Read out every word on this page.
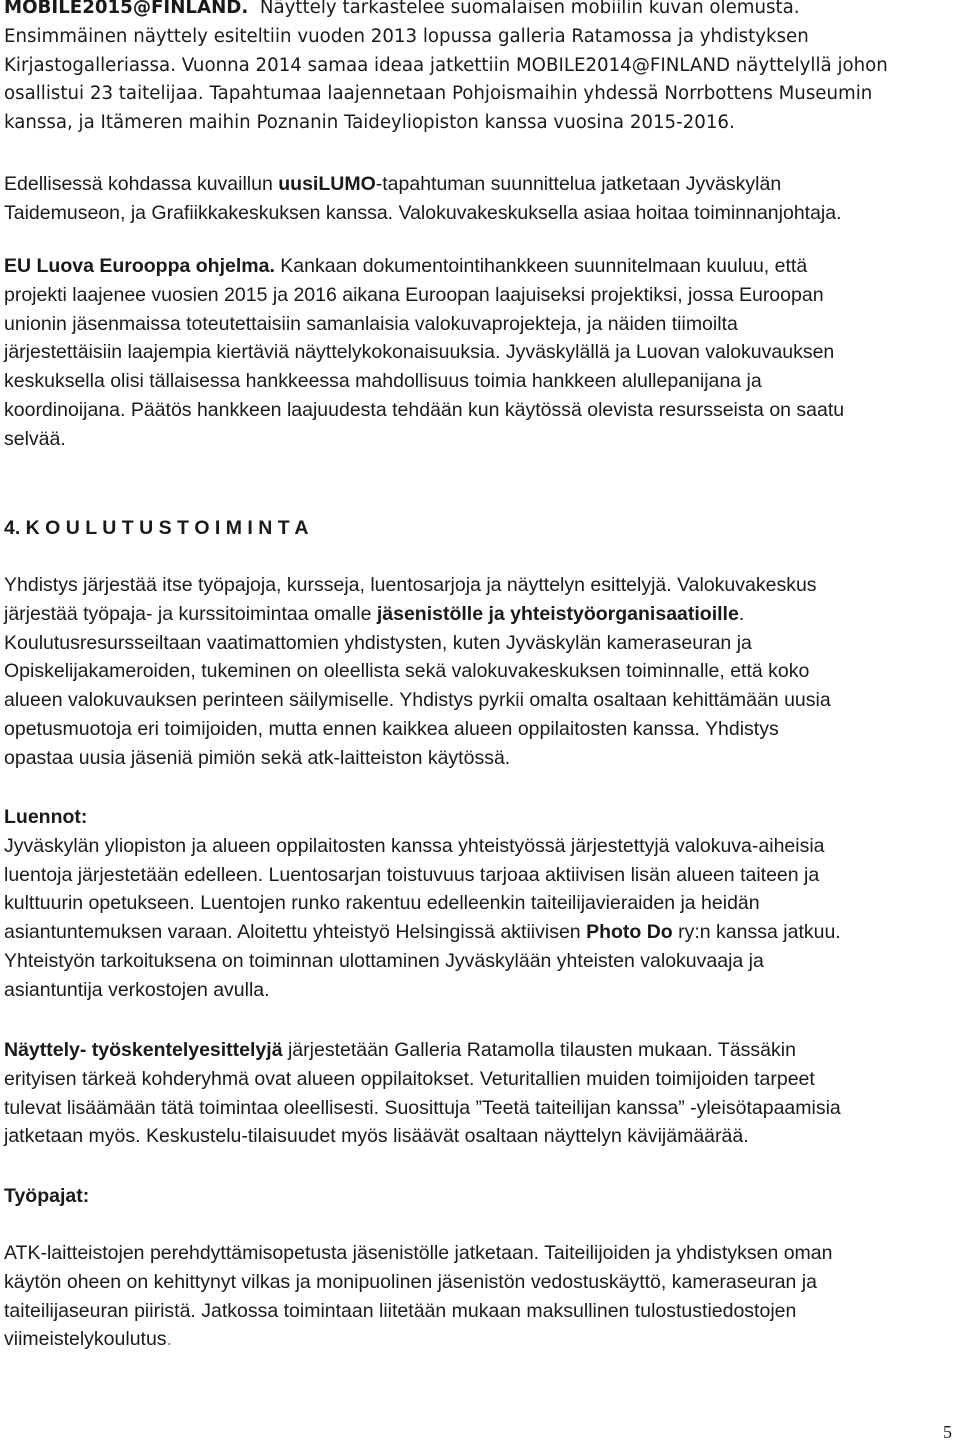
MOBILE2015@FINLAND. Näyttely tarkastelee suomalaisen mobiilin kuvan olemusta.
Ensimmäinen näyttely esiteltiin vuoden 2013 lopussa galleria Ratamossa ja yhdistyksen
Kirjastogalleriassa. Vuonna 2014 samaa ideaa jatkettiin MOBILE2014@FINLAND näyttelyllä johon
osallistui 23 taitelijaa. Tapahtumaa laajennetaan Pohjoismaihin yhdessä Norrbottens Museumin
kanssa, ja Itämeren maihin Poznanin Taideyliopiston kanssa vuosina 2015-2016.
Edellisessä kohdassa kuvaillun uusiLUMO-tapahtuman suunnittelua jatketaan Jyväskylän
Taidemuseon, ja Grafiikkakeskuksen kanssa. Valokuvakeskuksella asiaa hoitaa toiminnanjohtaja.
EU Luova Eurooppa ohjelma. Kankaan dokumentointihankkeen suunnitelmaan kuuluu, että
projekti laajenee vuosien 2015 ja 2016 aikana Euroopan laajuiseksi projektiksi, jossa Euroopan
unionin jäsenmaissa toteutettaisiin samanlaisia valokuvaprojekteja, ja näiden tiimoilta
järjestettäisiin laajempia kiertäviä näyttelykokonaisuuksia. Jyväskylällä ja Luovan valokuvauksen
keskuksella olisi tällaisessa hankkeessa mahdollisuus toimia hankkeen alullepanijana ja
koordinoijana. Päätös hankkeen laajuudesta tehdään kun käytössä olevista resursseista on saatu
selvää.
4. K O U L U T U S T O I M I N T A
Yhdistys järjestää itse työpajoja, kursseja, luentosarjoja ja näyttelyn esittelyjä. Valokuvakeskus
järjestää työpaja- ja kurssitoimintaa omalle jäsenistölle ja yhteistyöorganisaatioille.
Koulutusresursseiltaan vaatimattomien yhdistysten, kuten Jyväskylän kameraseuran ja
Opiskelijakameroiden, tukeminen on oleellista sekä valokuvakeskuksen toiminnalle, että koko
alueen valokuvauksen perinteen säilymiselle. Yhdistys pyrkii omalta osaltaan kehittämään uusia
opetusmuotoja eri toimijoiden, mutta ennen kaikkea alueen oppilaitosten kanssa. Yhdistys
opastaa uusia jäseniä pimiön sekä atk-laitteiston käytössä.
Luennot:
Jyväskylän yliopiston ja alueen oppilaitosten kanssa yhteistyössä järjestettyjä valokuva-aiheisia
luentoja järjestetään edelleen. Luentosarjan toistuvuus tarjoaa aktiivisen lisän alueen taiteen ja
kulttuurin opetukseen. Luentojen runko rakentuu edelleenkin taiteilijavieraiden ja heidän
asiantuntemuksen varaan. Aloitettu yhteistyö Helsingissä aktiivisen Photo Do ry:n kanssa jatkuu.
Yhteistyön tarkoituksena on toiminnan ulottaminen Jyväskylään yhteisten valokuvaaja ja
asiantuntija verkostojen avulla.
Näyttely- työskentelyesittelyjä järjestetään Galleria Ratamolla tilausten mukaan. Tässäkin
erityisen tärkeä kohderyhmä ovat alueen oppilaitokset. Veturitallien muiden toimijoiden tarpeet
tulevat lisäämään tätä toimintaa oleellisesti. Suosittuja ”Teetä taiteilijan kanssa” -yleisötapaamisia
jatketaan myös. Keskustelu-tilaisuudet myös lisäävät osaltaan näyttelyn kävijämäärää.
Työpajat:
ATK-laitteistojen perehdyttämisopetusta jäsenistölle jatketaan. Taiteilijoiden ja yhdistyksen oman
käytön oheen on kehittynyt vilkas ja monipuolinen jäsenistön vedostuskäyttö, kameraseuran ja
taiteilijaseuran piiristä. Jatkossa toimintaan liitetään mukaan maksullinen tulostustiedostojen
viimeistelykoulutus.
5
